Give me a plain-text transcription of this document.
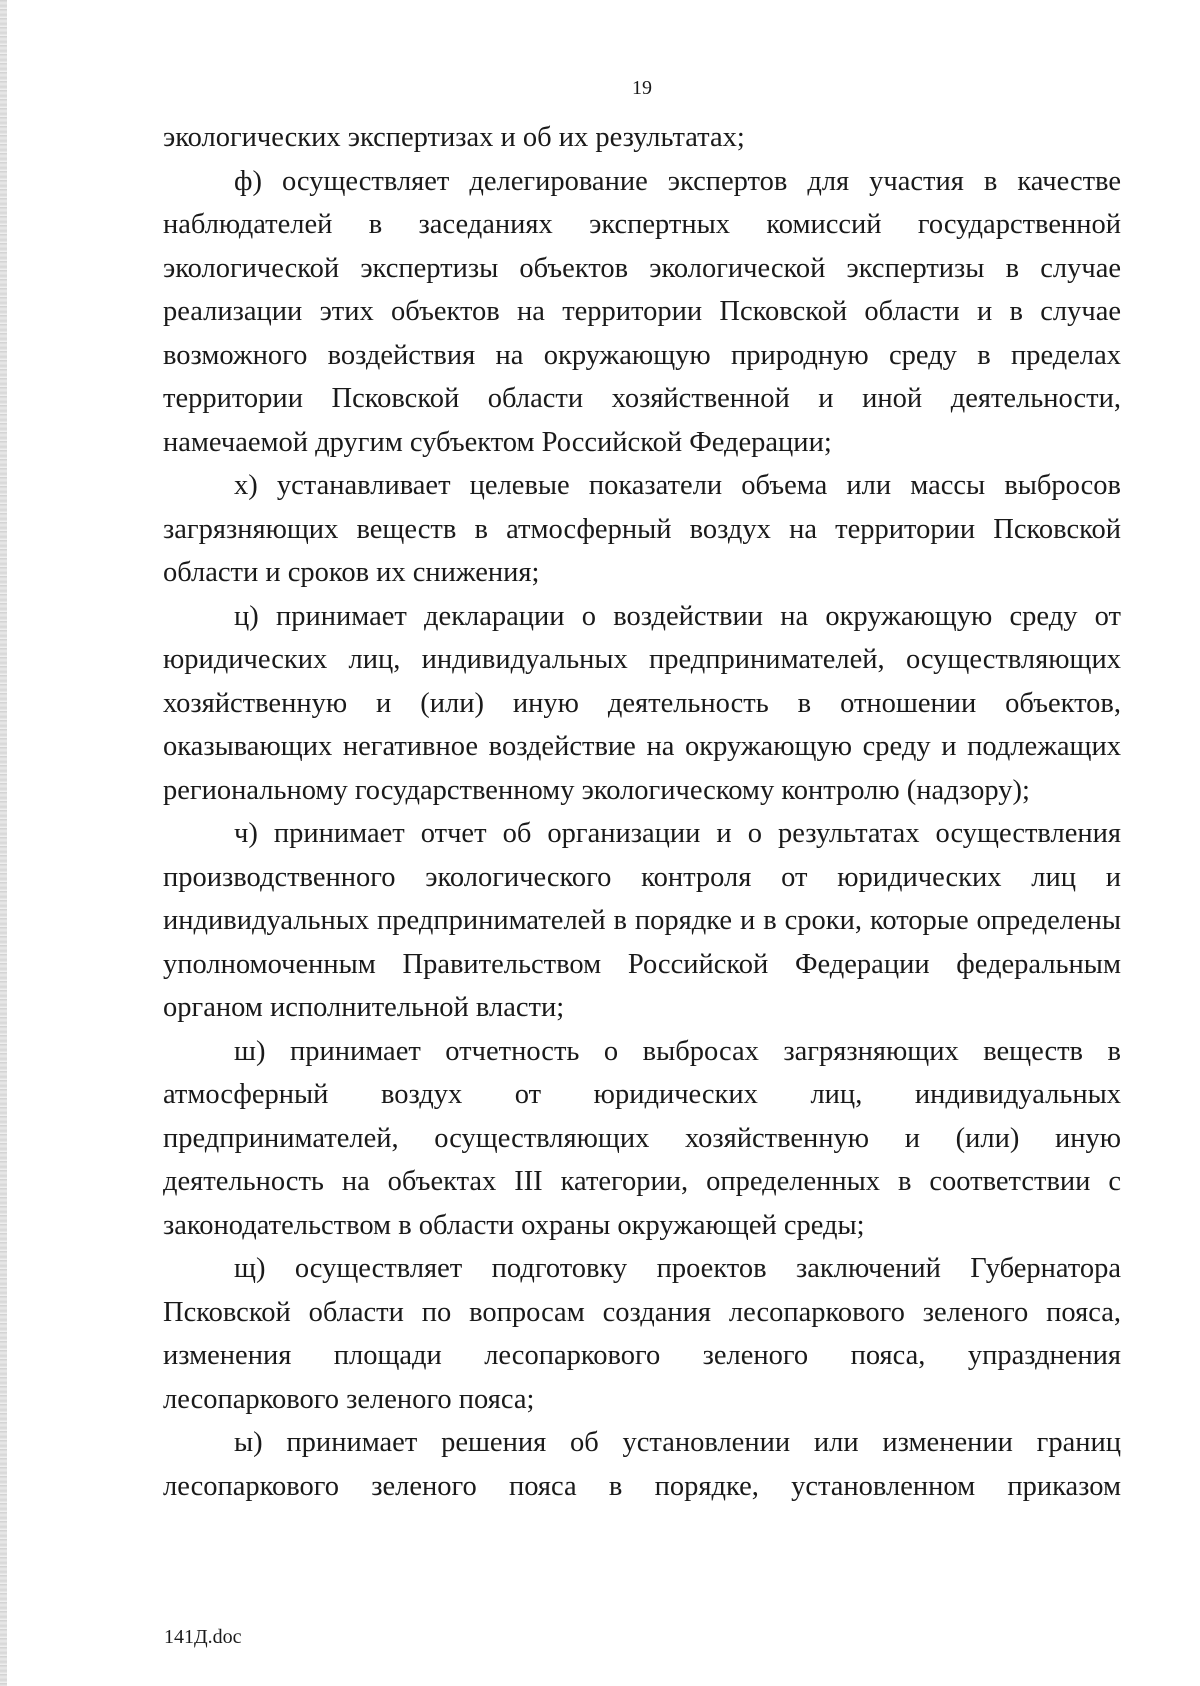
19

экологических экспертизах и об их результатах;

ф) осуществляет делегирование экспертов для участия в качестве наблюдателей в заседаниях экспертных комиссий государственной экологической экспертизы объектов экологической экспертизы в случае реализации этих объектов на территории Псковской области и в случае возможного воздействия на окружающую природную среду в пределах территории Псковской области хозяйственной и иной деятельности, намечаемой другим субъектом Российской Федерации;

х) устанавливает целевые показатели объема или массы выбросов загрязняющих веществ в атмосферный воздух на территории Псковской области и сроков их снижения;

ц) принимает декларации о воздействии на окружающую среду от юридических лиц, индивидуальных предпринимателей, осуществляющих хозяйственную и (или) иную деятельность в отношении объектов, оказывающих негативное воздействие на окружающую среду и подлежащих региональному государственному экологическому контролю (надзору);

ч) принимает отчет об организации и о результатах осуществления производственного экологического контроля от юридических лиц и индивидуальных предпринимателей в порядке и в сроки, которые определены уполномоченным Правительством Российской Федерации федеральным органом исполнительной власти;

ш) принимает отчетность о выбросах загрязняющих веществ в атмосферный воздух от юридических лиц, индивидуальных предпринимателей, осуществляющих хозяйственную и (или) иную деятельность на объектах III категории, определенных в соответствии с законодательством в области охраны окружающей среды;

щ) осуществляет подготовку проектов заключений Губернатора Псковской области по вопросам создания лесопаркового зеленого пояса, изменения площади лесопаркового зеленого пояса, упразднения лесопаркового зеленого пояса;

ы) принимает решения об установлении или изменении границ лесопаркового зеленого пояса в порядке, установленном приказом

141Д.doc
